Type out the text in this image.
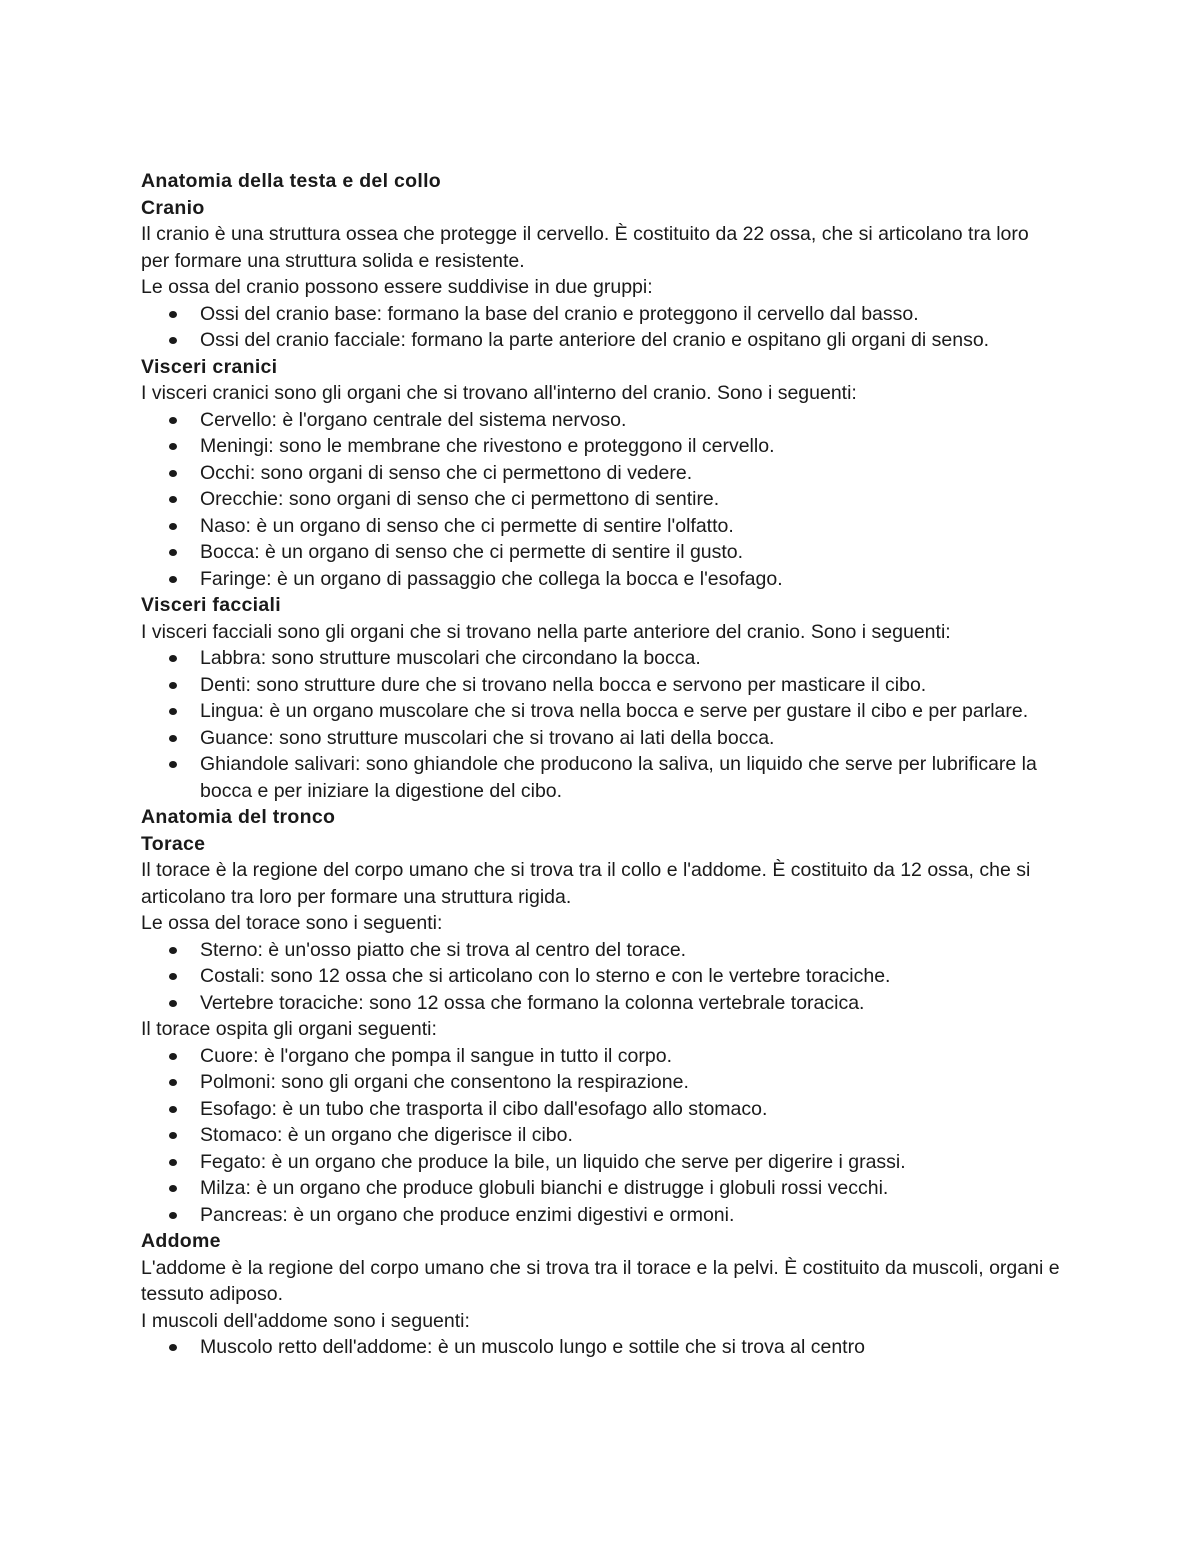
Anatomia della testa e del collo
Cranio

Il cranio è una struttura ossea che protegge il cervello. È costituito da 22 ossa, che si articolano tra loro per formare una struttura solida e resistente.

Le ossa del cranio possono essere suddivise in due gruppi:

Ossi del cranio base: formano la base del cranio e proteggono il cervello dal basso.
Ossi del cranio facciale: formano la parte anteriore del cranio e ospitano gli organi di senso.
Visceri cranici

I visceri cranici sono gli organi che si trovano all'interno del cranio. Sono i seguenti:

Cervello: è l'organo centrale del sistema nervoso.
Meningi: sono le membrane che rivestono e proteggono il cervello.
Occhi: sono organi di senso che ci permettono di vedere.
Orecchie: sono organi di senso che ci permettono di sentire.
Naso: è un organo di senso che ci permette di sentire l'olfatto.
Bocca: è un organo di senso che ci permette di sentire il gusto.
Faringe: è un organo di passaggio che collega la bocca e l'esofago.
Visceri facciali

I visceri facciali sono gli organi che si trovano nella parte anteriore del cranio. Sono i seguenti:

Labbra: sono strutture muscolari che circondano la bocca.
Denti: sono strutture dure che si trovano nella bocca e servono per masticare il cibo.
Lingua: è un organo muscolare che si trova nella bocca e serve per gustare il cibo e per parlare.
Guance: sono strutture muscolari che si trovano ai lati della bocca.
Ghiandole salivari: sono ghiandole che producono la saliva, un liquido che serve per lubrificare la bocca e per iniziare la digestione del cibo.
Anatomia del tronco
Torace

Il torace è la regione del corpo umano che si trova tra il collo e l'addome. È costituito da 12 ossa, che si articolano tra loro per formare una struttura rigida.

Le ossa del torace sono i seguenti:

Sterno: è un'osso piatto che si trova al centro del torace.
Costali: sono 12 ossa che si articolano con lo sterno e con le vertebre toraciche.
Vertebre toraciche: sono 12 ossa che formano la colonna vertebrale toracica.

Il torace ospita gli organi seguenti:

Cuore: è l'organo che pompa il sangue in tutto il corpo.
Polmoni: sono gli organi che consentono la respirazione.
Esofago: è un tubo che trasporta il cibo dall'esofago allo stomaco.
Stomaco: è un organo che digerisce il cibo.
Fegato: è un organo che produce la bile, un liquido che serve per digerire i grassi.
Milza: è un organo che produce globuli bianchi e distrugge i globuli rossi vecchi.
Pancreas: è un organo che produce enzimi digestivi e ormoni.
Addome

L'addome è la regione del corpo umano che si trova tra il torace e la pelvi. È costituito da muscoli, organi e tessuto adiposo.

I muscoli dell'addome sono i seguenti:

Muscolo retto dell'addome: è un muscolo lungo e sottile che si trova al centro
